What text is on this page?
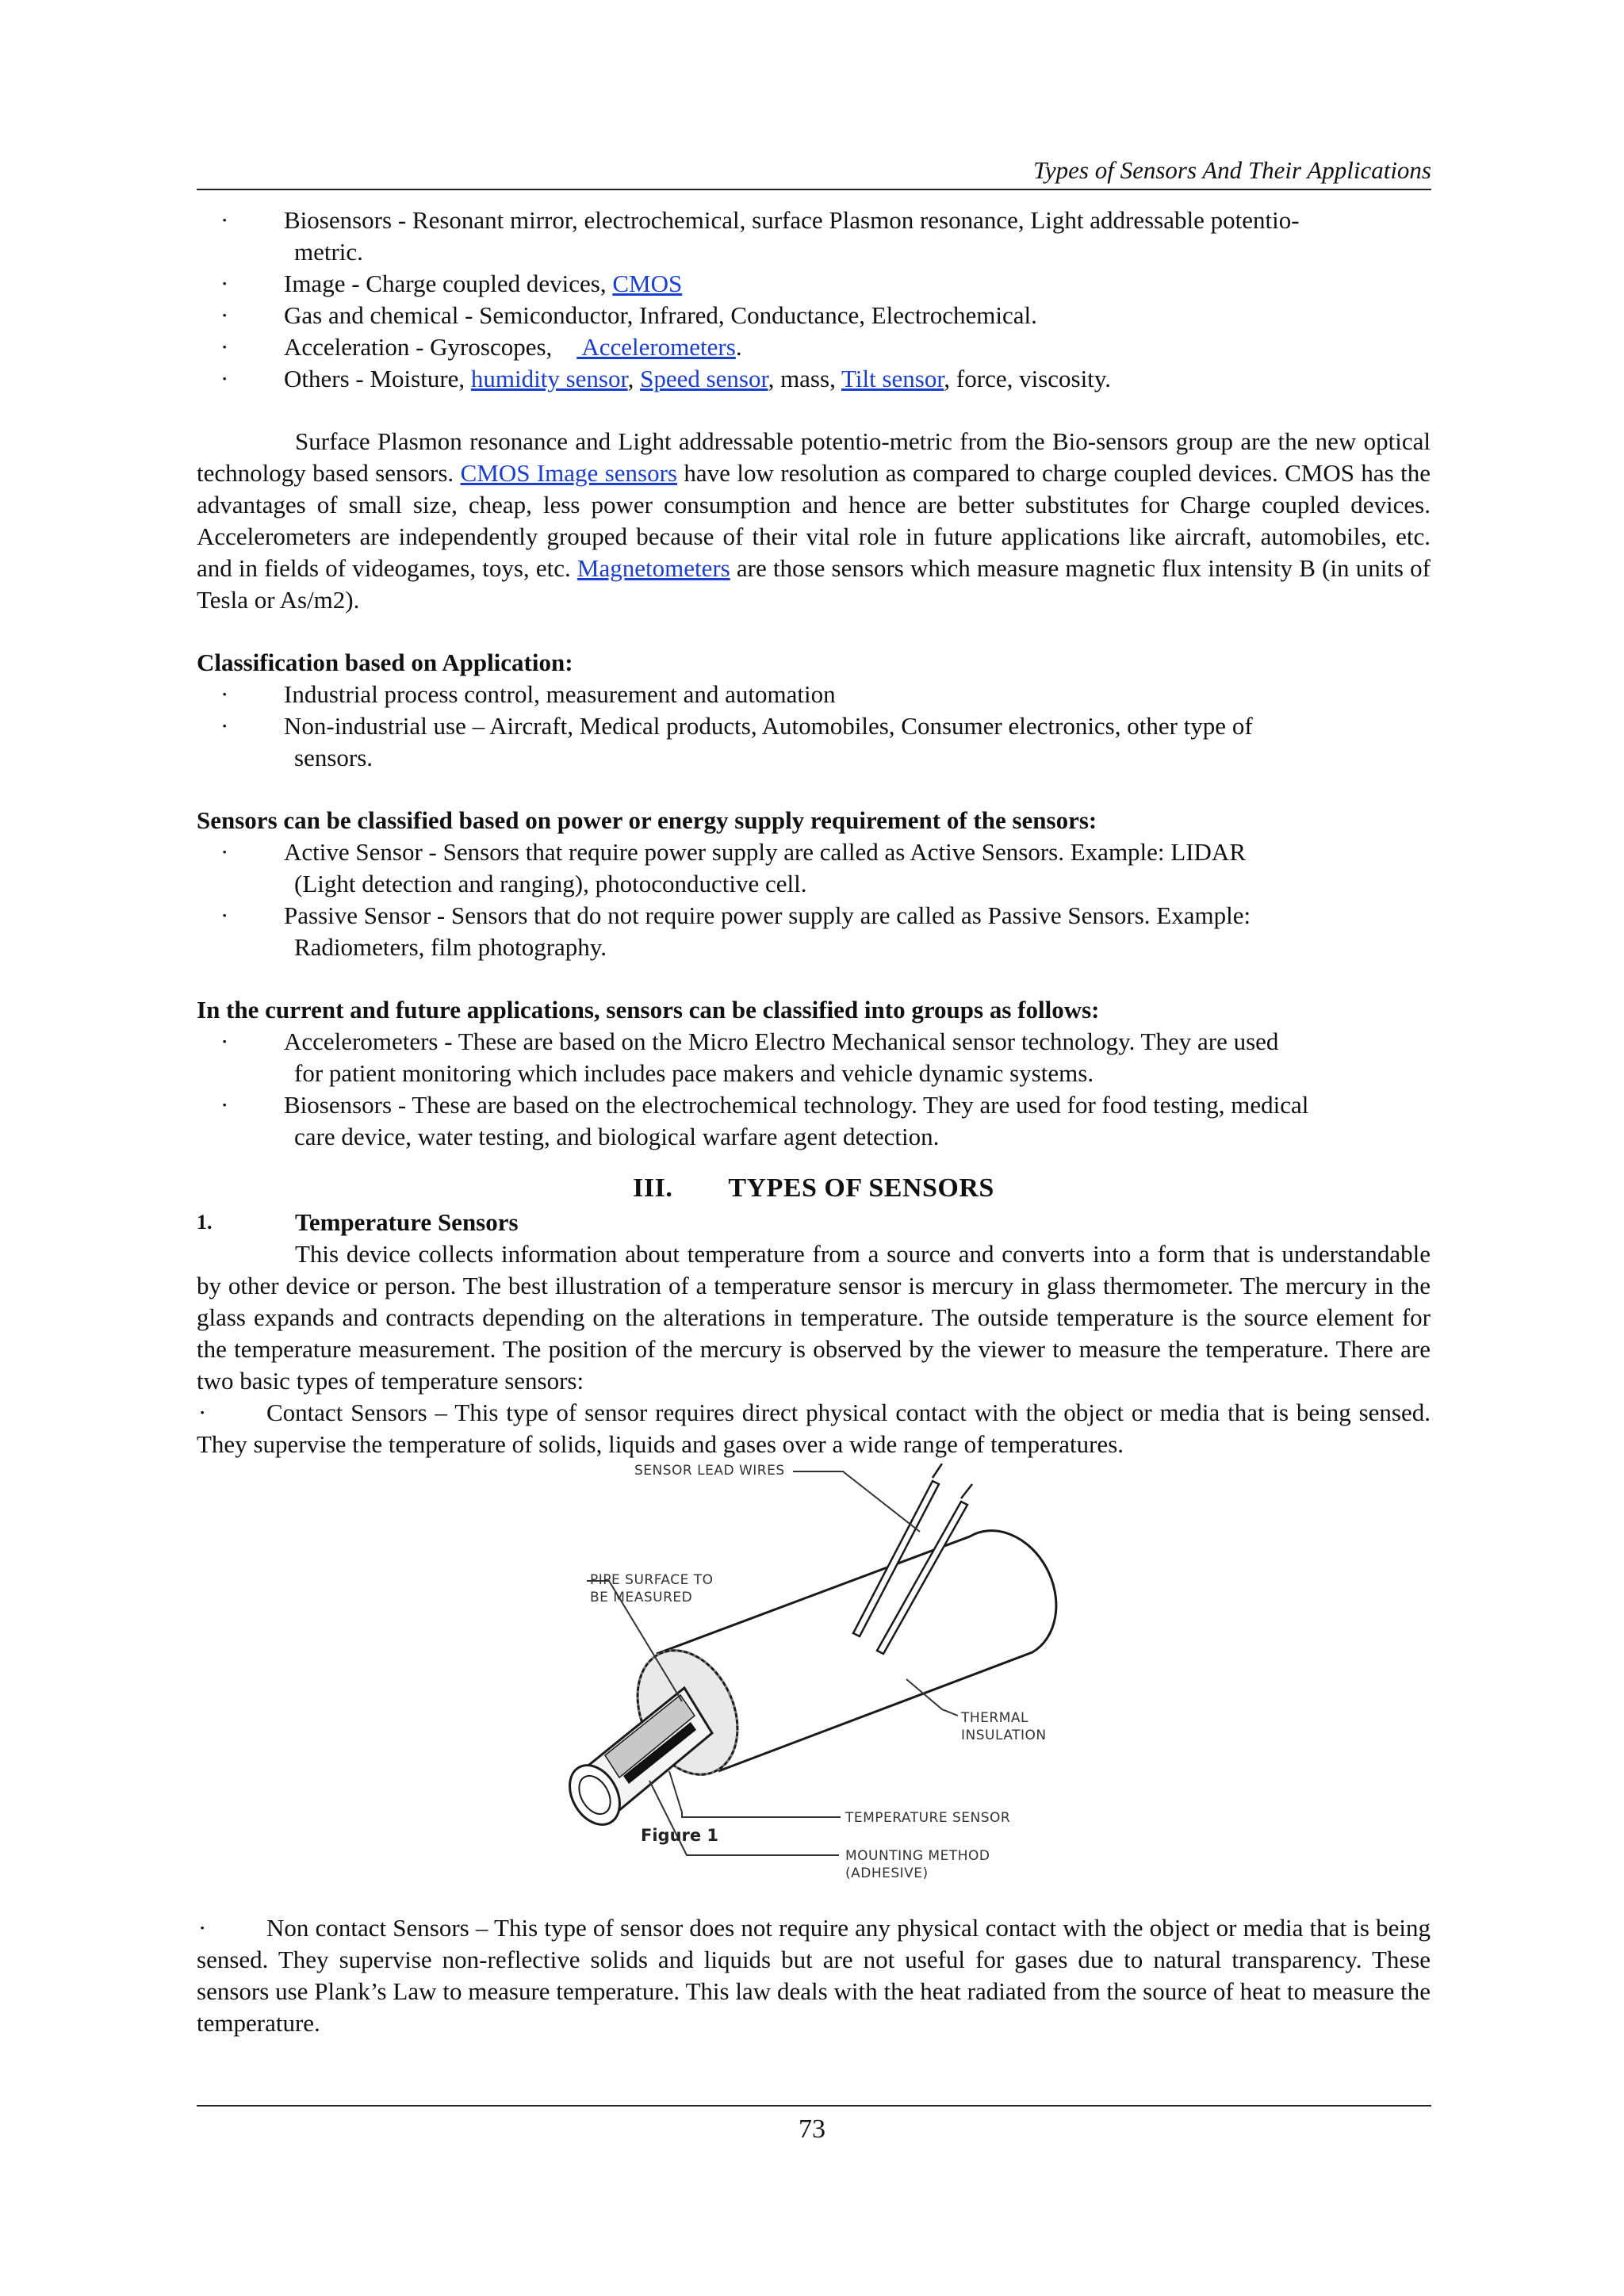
Types of Sensors And Their Applications
· Biosensors - Resonant mirror, electrochemical, surface Plasmon resonance, Light addressable potentio-
metric.
· Image - Charge coupled devices, CMOS
· Gas and chemical - Semiconductor, Infrared, Conductance, Electrochemical.
· Acceleration - Gyroscopes,     Accelerometers.
· Others - Moisture, humidity sensor, Speed sensor, mass, Tilt sensor, force, viscosity.

Surface Plasmon resonance and Light addressable potentio-metric from the Bio-sensors group are the new optical technology based sensors. CMOS Image sensors have low resolution as compared to charge coupled devices. CMOS has the advantages of small size, cheap, less power consumption and hence are better substitutes for Charge coupled devices. Accelerometers are independently grouped because of their vital role in future applications like aircraft, automobiles, etc. and in fields of videogames, toys, etc. Magnetometers are those sensors which measure magnetic flux intensity B (in units of Tesla or As/m2).

Classification based on Application:

· Industrial process control, measurement and automation
· Non-industrial use – Aircraft, Medical products, Automobiles, Consumer electronics, other type of
sensors.

Sensors can be classified based on power or energy supply requirement of the sensors:

· Active Sensor - Sensors that require power supply are called as Active Sensors. Example: LIDAR
(Light detection and ranging), photoconductive cell.
· Passive Sensor - Sensors that do not require power supply are called as Passive Sensors. Example:
Radiometers, film photography.

In the current and future applications, sensors can be classified into groups as follows:

· Accelerometers - These are based on the Micro Electro Mechanical sensor technology. They are used
for patient monitoring which includes pace makers and vehicle dynamic systems.
· Biosensors - These are based on the electrochemical technology. They are used for food testing, medical
care device, water testing, and biological warfare agent detection.
III. TYPES OF SENSORS
1.	Temperature Sensors

This device collects information about temperature from a source and converts into a form that is understandable by other device or person. The best illustration of a temperature sensor is mercury in glass thermometer. The mercury in the glass expands and contracts depending on the alterations in temperature. The outside temperature is the source element for the temperature measurement. The position of the mercury is observed by the viewer to measure the temperature. There are two basic types of temperature sensors:

· Contact Sensors – This type of sensor requires direct physical contact with the object or media that is being sensed. They supervise the temperature of solids, liquids and gases over a wide range of temperatures.

SENSOR LEAD WIRES
PIPE SURFACE TO
BE MEASURED
THERMAL
INSULATION
TEMPERATURE SENSOR
MOUNTING METHOD
(ADHESIVE)
Figure 1

· Non contact Sensors – This type of sensor does not require any physical contact with the object or media that is being sensed. They supervise non-reflective solids and liquids but are not useful for gases due to natural transparency. These sensors use Plank’s Law to measure temperature. This law deals with the heat radiated from the source of heat to measure the temperature.

73
